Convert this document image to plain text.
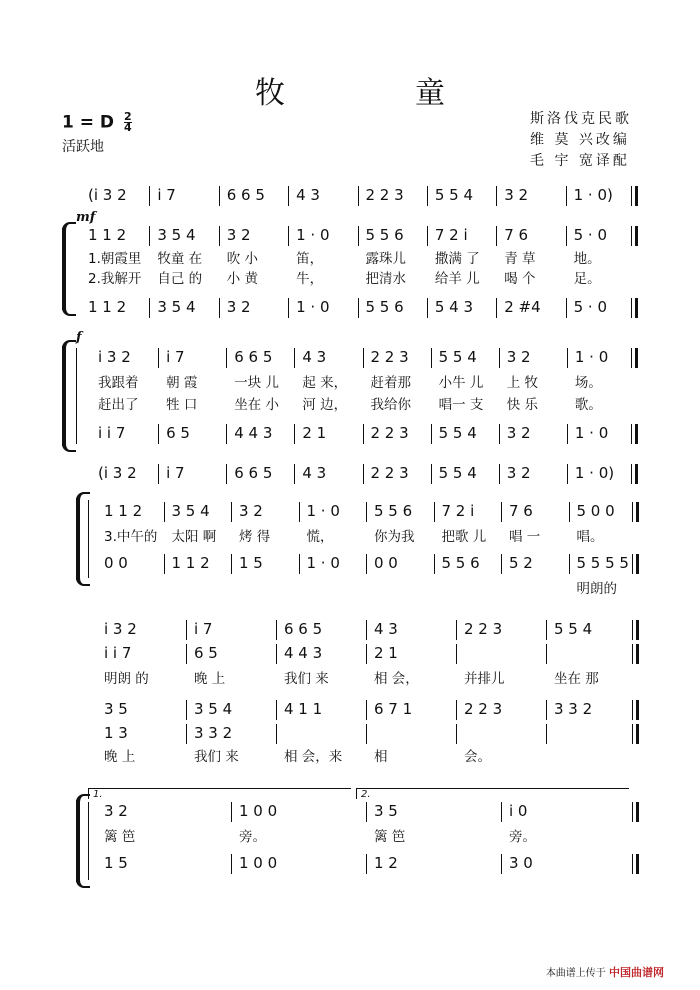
牧	童
1 = D $\frac{2}{4}$
活跃地
斯洛伐克民歌
维 莫 兴改编
毛 宇 宽译配
mf
f
1.	2.
(i 3 2 i 7	6 6 5 4 3	2 2 3 5 5 4 3 2	1 · 0)
1 1 2 3 5 4 3 2	1 · 0 5 5 6 7 2 i 7 6	5 · 0
1.朝霞里 牧童 在 吹 小	笛，	露珠儿 撒满 了 青 草	地。
2.我解开 自己 的 小 黄	牛，	把清水 给羊 儿 喝 个	足。
1 1 2 3 5 4 3 2	1 · 0 5 5 6 5 4 3 2 #4 5 · 0
i 3 2 i 7	6 6 5 4 3	2 2 3 5 5 4 3 2	1 · 0
我跟着 朝 霞	一块 儿 起 来， 赶着那 小牛 儿 上 牧	场。
赶出了 牲 口	坐在 小 河 边， 我给你 唱一 支 快 乐	歌。
i i 7	6 5	4 4 3 2 1	2 2 3 5 5 4 3 2	1 · 0
(i 3 2 i 7	6 6 5 4 3	2 2 3 5 5 4 3 2	1 · 0)
1 1 2 3 5 4 3 2	1 · 0 5 5 6 7 2 i 7 6	5 0 0
3.中午的 太阳 啊 烤 得	慌，	你为我 把歌 儿 唱 一	唱。
0 0	1 1 2 1 5	1 · 0 0 0	5 5 6 5 2	5 5 5 5
明朗的
i 3 2	i 7	6 6 5	4 3	2 2 3	5 5 4
i i 7	6 5	4 4 3	2 1
明朗 的	晚 上	我们 来	相 会，	并排儿	坐在 那
3 5	3 5 4	4 1 1	6 7 1	2 2 3	3 3 2
1 3	3 3 2
晚 上	我们 来	相 会，来 相	会。
3 2	1 0 0	3 5	i 0
篱 笆	旁。	篱 笆	旁。
1 5	1 0 0	1 2	3 0
本曲谱上传于 中国曲谱网
